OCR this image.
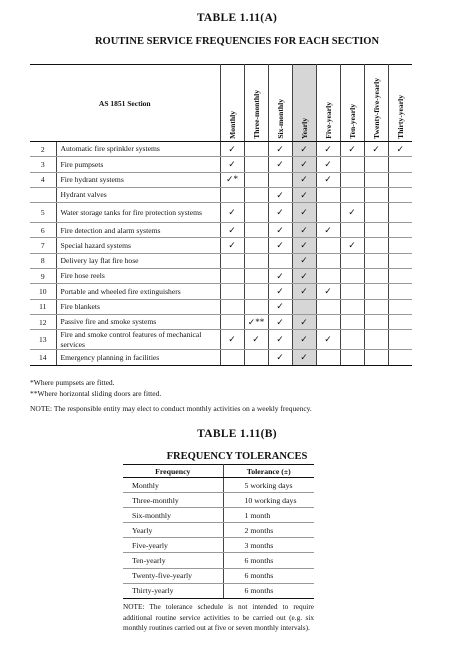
TABLE 1.11(A)
ROUTINE SERVICE FREQUENCIES FOR EACH SECTION
AS 1851 Section		Monthly	Three-monthly	Six-monthly	Yearly	Five-yearly	Ten-yearly	Twenty-five-yearly	Thirty-yearly
2	Automatic fire sprinkler systems	✓		✓	✓	✓	✓	✓	✓
3	Fire pumpsets	✓		✓	✓	✓			
4	Fire hydrant systems	✓*			✓	✓			
	Hydrant valves			✓	✓				
5	Water storage tanks for fire protection systems	✓		✓	✓		✓		
6	Fire detection and alarm systems	✓		✓	✓	✓			
7	Special hazard systems	✓		✓	✓		✓		
8	Delivery lay flat fire hose				✓				
9	Fire hose reels			✓	✓				
10	Portable and wheeled fire extinguishers			✓	✓	✓			
11	Fire blankets			✓					
12	Passive fire and smoke systems		✓**	✓	✓				
13	Fire and smoke control features of mechanical services	✓	✓	✓	✓	✓			
14	Emergency planning in facilities			✓	✓				
*Where pumpsets are fitted.
**Where horizontal sliding doors are fitted.
NOTE: The responsible entity may elect to conduct monthly activities on a weekly frequency.
TABLE 1.11(B)
FREQUENCY TOLERANCES
Frequency	Tolerance (±)
Monthly	5 working days
Three-monthly	10 working days
Six-monthly	1 month
Yearly	2 months
Five-yearly	3 months
Ten-yearly	6 months
Twenty-five-yearly	6 months
Thirty-yearly	6 months
NOTE: The tolerance schedule is not intended to require additional routine service activities to be carried out (e.g. six monthly routines carried out at five or seven monthly intervals).
